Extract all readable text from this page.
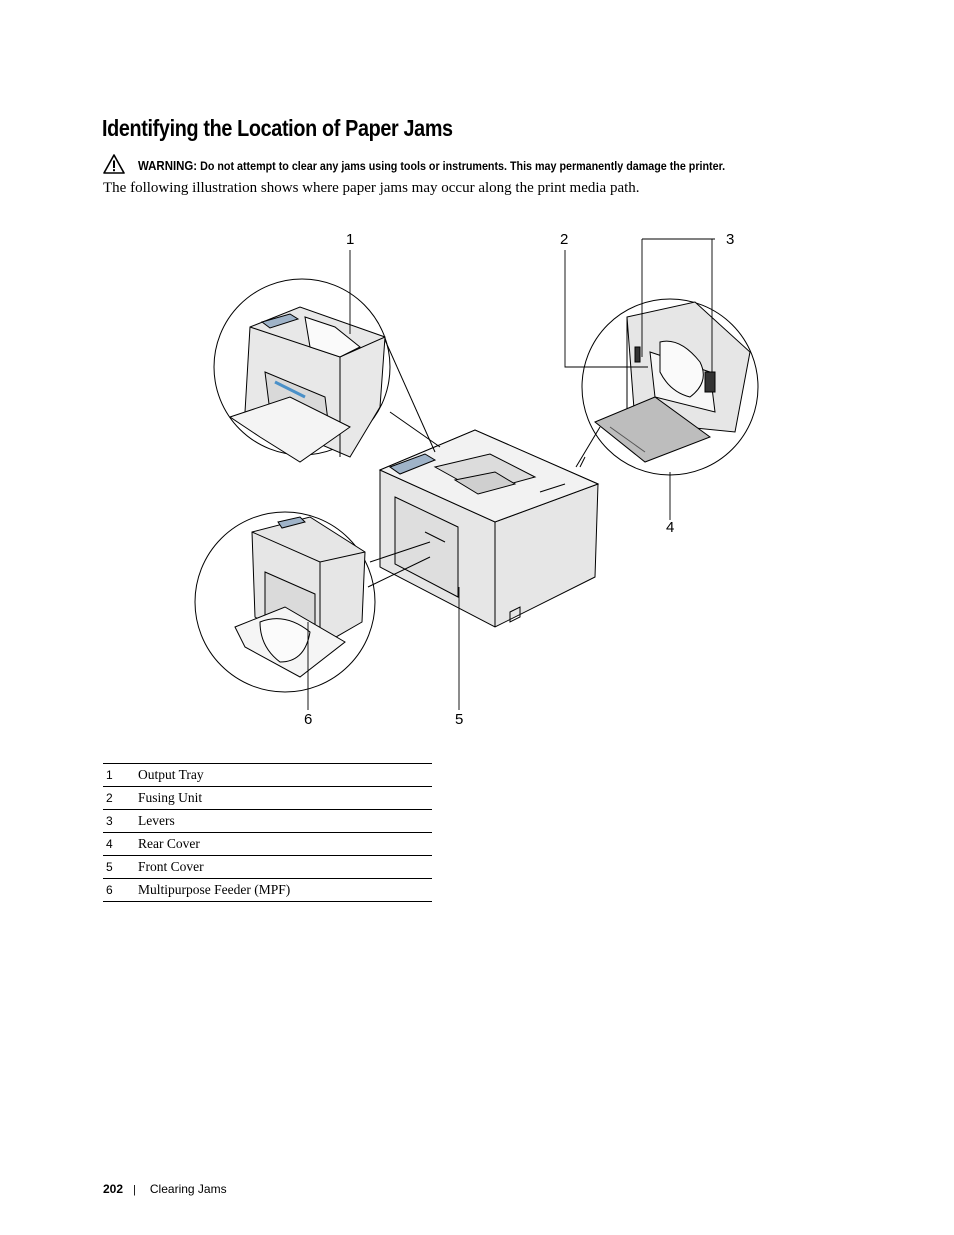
Identifying the Location of Paper Jams
WARNING: Do not attempt to clear any jams using tools or instruments. This may permanently damage the printer.

The following illustration shows where paper jams may occur along the print media path.

1	2	3
4
5
6
1	Output Tray
2	Fusing Unit
3	Levers
4	Rear Cover
5	Front Cover
6	Multipurpose Feeder (MPF)
202 | Clearing Jams
